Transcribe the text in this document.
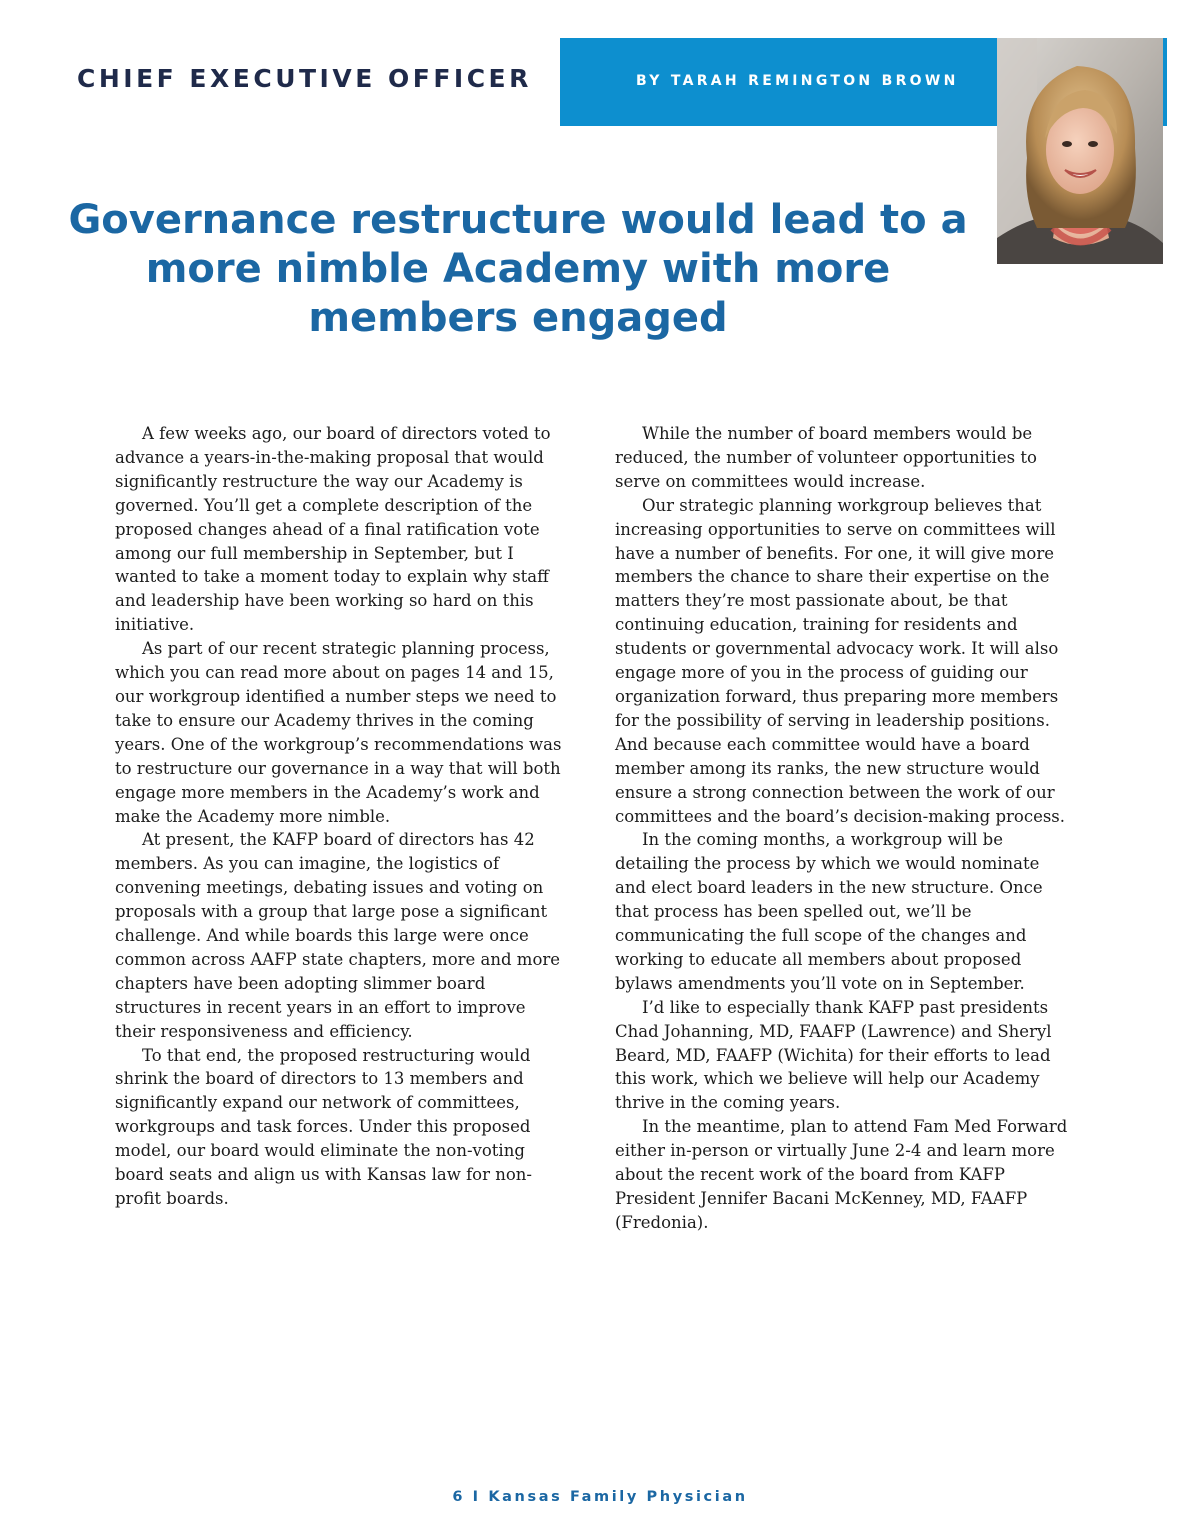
CHIEF EXECUTIVE OFFICER	BY TARAH REMINGTON BROWN
Governance restructure would lead to a more nimble Academy with more members engaged

A few weeks ago, our board of directors voted to advance a years-in-the-making proposal that would significantly restructure the way our Academy is governed. You’ll get a complete description of the proposed changes ahead of a final ratification vote among our full membership in September, but I wanted to take a moment today to explain why staff and leadership have been working so hard on this initiative.

As part of our recent strategic planning process, which you can read more about on pages 14 and 15, our workgroup identified a number steps we need to take to ensure our Academy thrives in the coming years. One of the workgroup’s recommendations was to restructure our governance in a way that will both engage more members in the Academy’s work and make the Academy more nimble.

At present, the KAFP board of directors has 42 members. As you can imagine, the logistics of convening meetings, debating issues and voting on proposals with a group that large pose a significant challenge. And while boards this large were once common across AAFP state chapters, more and more chapters have been adopting slimmer board structures in recent years in an effort to improve their responsiveness and efficiency.

To that end, the proposed restructuring would shrink the board of directors to 13 members and significantly expand our network of committees, workgroups and task forces. Under this proposed model, our board would eliminate the non-voting board seats and align us with Kansas law for non-profit boards.

While the number of board members would be reduced, the number of volunteer opportunities to serve on committees would increase.

Our strategic planning workgroup believes that increasing opportunities to serve on committees will have a number of benefits. For one, it will give more members the chance to share their expertise on the matters they’re most passionate about, be that continuing education, training for residents and students or governmental advocacy work. It will also engage more of you in the process of guiding our organization forward, thus preparing more members for the possibility of serving in leadership positions. And because each committee would have a board member among its ranks, the new structure would ensure a strong connection between the work of our committees and the board’s decision-making process.

In the coming months, a workgroup will be detailing the process by which we would nominate and elect board leaders in the new structure. Once that process has been spelled out, we’ll be communicating the full scope of the changes and working to educate all members about proposed bylaws amendments you’ll vote on in September.

I’d like to especially thank KAFP past presidents Chad Johanning, MD, FAAFP (Lawrence) and Sheryl Beard, MD, FAAFP (Wichita) for their efforts to lead this work, which we believe will help our Academy thrive in the coming years.

In the meantime, plan to attend Fam Med Forward either in-person or virtually June 2-4 and learn more about the recent work of the board from KAFP President Jennifer Bacani McKenney, MD, FAAFP (Fredonia).

6 I Kansas Family Physician
